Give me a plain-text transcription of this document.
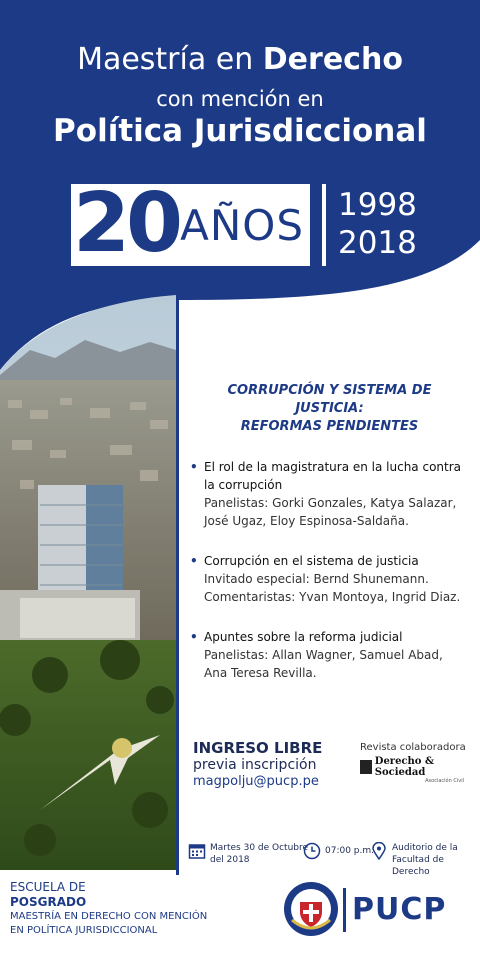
Maestría en Derecho
con mención en
Política Jurisdiccional
20 AÑOS 1998
2018
CORRUPCIÓN Y SISTEMA DE JUSTICIA:
REFORMAS PENDIENTES
• El rol de la magistratura en la lucha contra la corrupción
Panelistas: Gorki Gonzales, Katya Salazar,
José Ugaz, Eloy Espinosa-Saldaña.
• Corrupción en el sistema de justicia
Invitado especial: Bernd Shunemann.
Comentaristas: Yvan Montoya, Ingrid Diaz.
• Apuntes sobre la reforma judicial
Panelistas: Allan Wagner, Samuel Abad,
Ana Teresa Revilla.
INGRESO LIBRE
previa inscripción
magpolju@pucp.pe
Revista colaboradora
Derecho & Sociedad
Asociación Civil
Martes 30 de Octubre
del 2018
07:00 p.m. Auditorio de la
Facultad de Derecho
ESCUELA DE
POSGRADO
MAESTRÍA EN DERECHO CON MENCIÓN
EN POLÍTICA JURISDICCIONAL
PUCP
